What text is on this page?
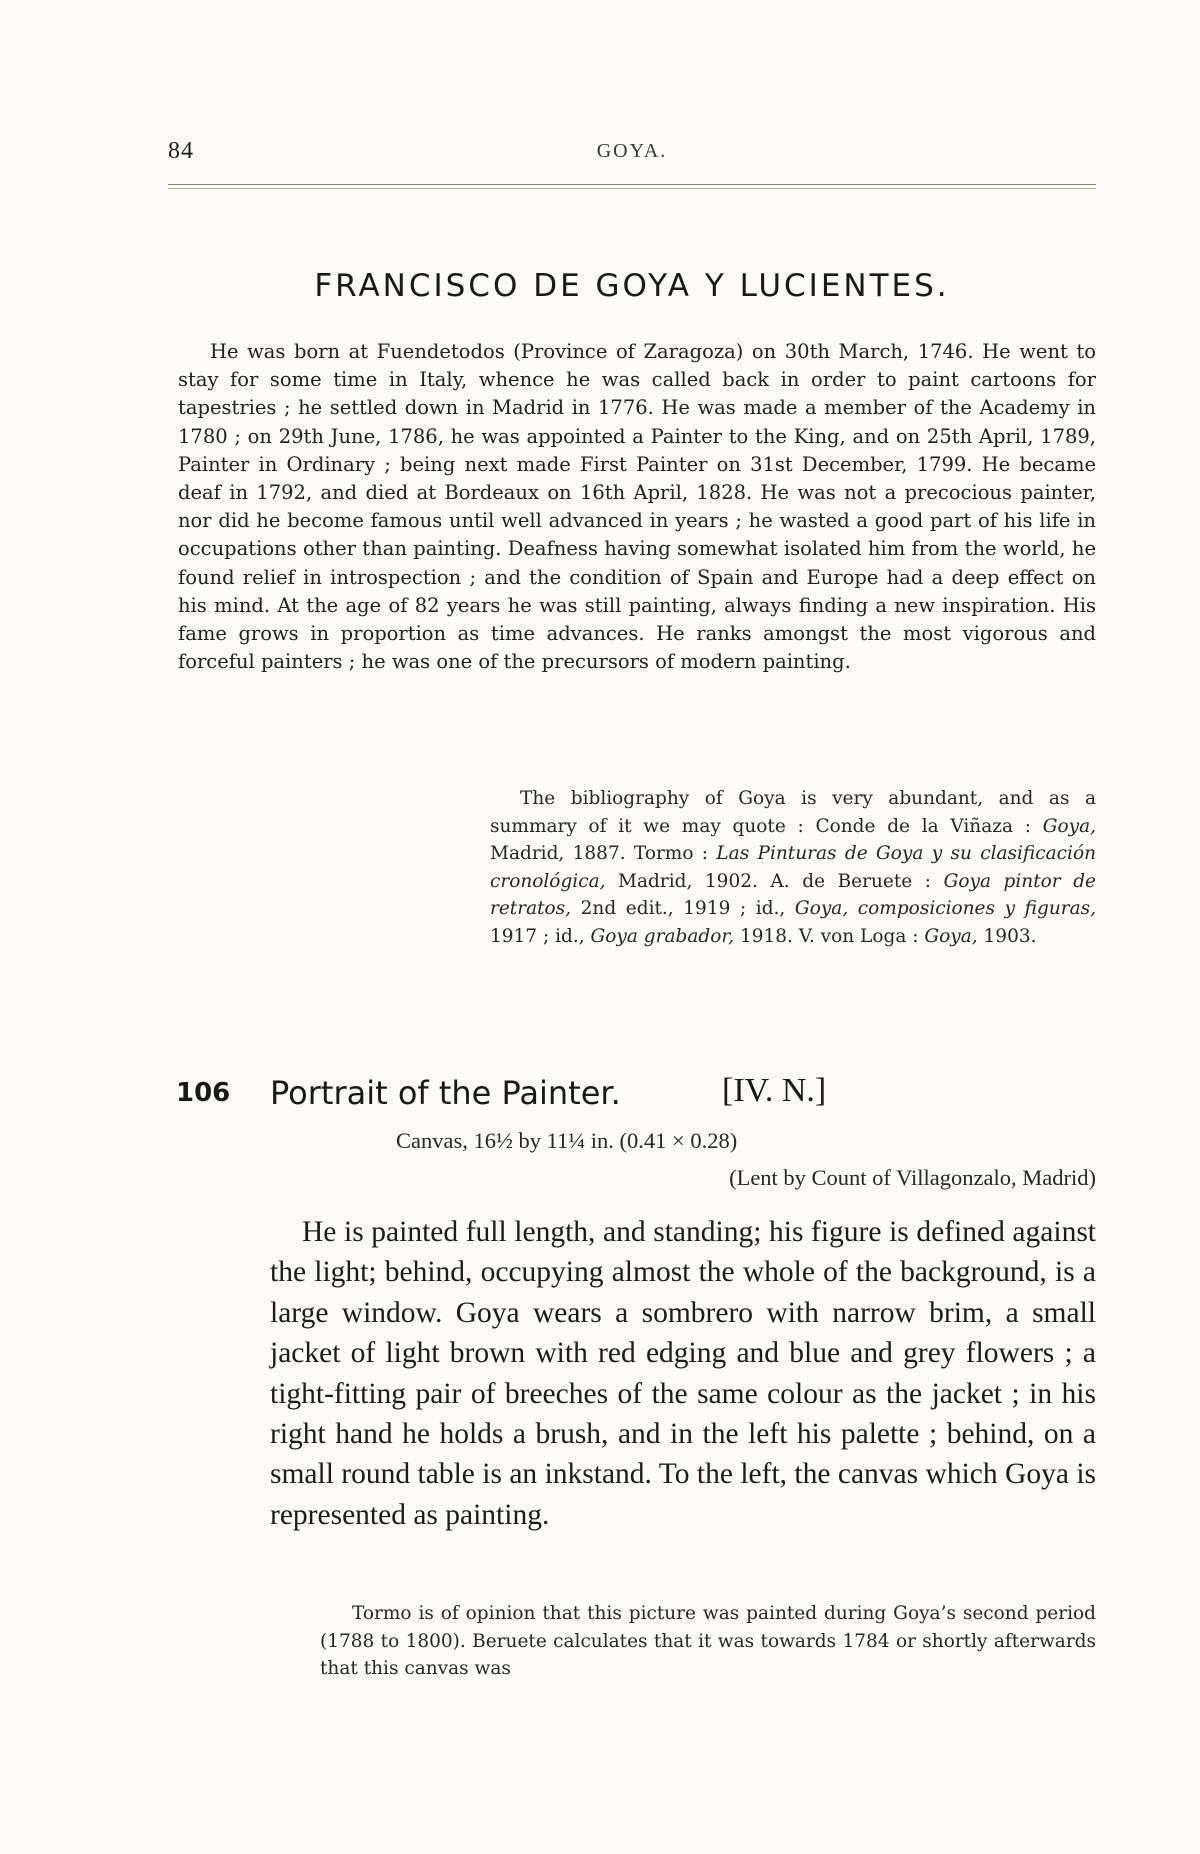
84	GOYA.
FRANCISCO DE GOYA Y LUCIENTES.

He was born at Fuendetodos (Province of Zaragoza) on 30th March, 1746. He went to stay for some time in Italy, whence he was called back in order to paint cartoons for tapestries ; he settled down in Madrid in 1776. He was made a member of the Academy in 1780 ; on 29th June, 1786, he was appointed a Painter to the King, and on 25th April, 1789, Painter in Ordinary ; being next made First Painter on 31st December, 1799. He became deaf in 1792, and died at Bordeaux on 16th April, 1828. He was not a precocious painter, nor did he become famous until well advanced in years ; he wasted a good part of his life in occupations other than painting. Deafness having somewhat isolated him from the world, he found relief in introspection ; and the condition of Spain and Europe had a deep effect on his mind. At the age of 82 years he was still painting, always finding a new inspiration. His fame grows in proportion as time advances. He ranks amongst the most vigorous and forceful painters ; he was one of the precursors of modern painting.

The bibliography of Goya is very abundant, and as a summary of it we may quote : Conde de la Viñaza : Goya, Madrid, 1887. Tormo : Las Pinturas de Goya y su clasificación cronológica, Madrid, 1902. A. de Beruete : Goya pintor de retratos, 2nd edit., 1919 ; id., Goya, composiciones y figuras, 1917 ; id., Goya grabador, 1918. V. von Loga : Goya, 1903.

106 Portrait of the Painter.	[IV. N.]
Canvas, 16½ by 11¼ in. (0.41 × 0.28)
(Lent by Count of Villagonzalo, Madrid)

He is painted full length, and standing; his figure is defined against the light; behind, occupying almost the whole of the background, is a large window. Goya wears a sombrero with narrow brim, a small jacket of light brown with red edging and blue and grey flowers ; a tight-fitting pair of breeches of the same colour as the jacket ; in his right hand he holds a brush, and in the left his palette ; behind, on a small round table is an inkstand. To the left, the canvas which Goya is represented as painting.

Tormo is of opinion that this picture was painted during Goya’s second period (1788 to 1800). Beruete calculates that it was towards 1784 or shortly afterwards that this canvas was
